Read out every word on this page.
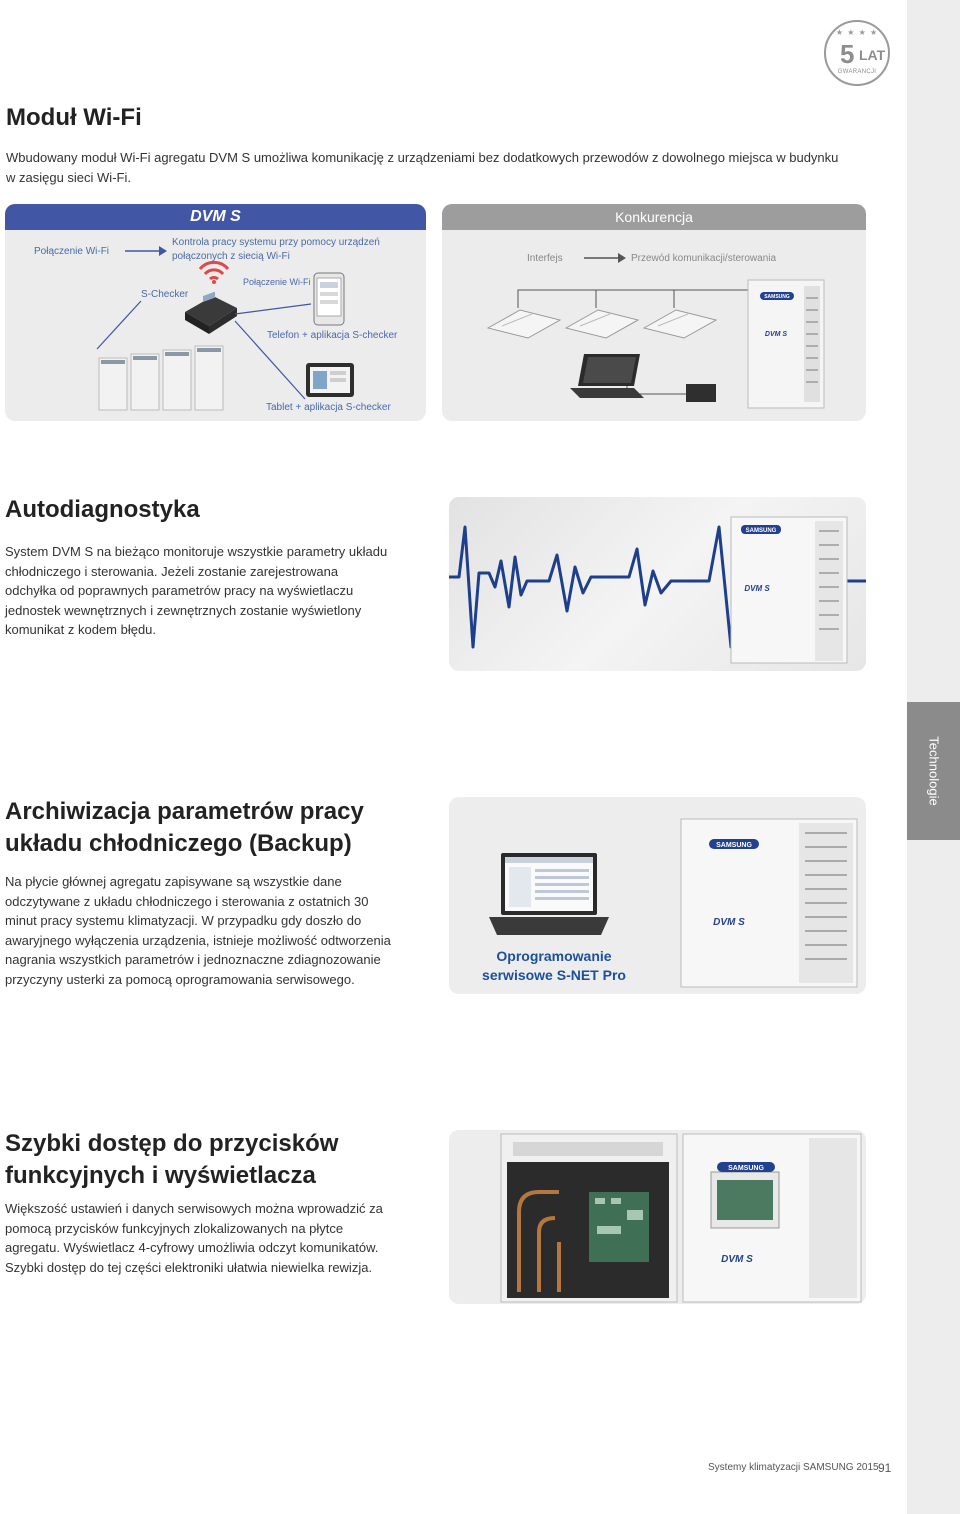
Technologie
★ ★ ★ ★
5 LAT
GWARANCJI
Moduł Wi-Fi
Wbudowany moduł Wi-Fi agregatu DVM S umożliwa komunikację z urządzeniami bez dodatkowych przewodów z dowolnego miejsca w budynku w zasięgu sieci Wi-Fi.
DVM S
Połączenie Wi-Fi
Kontrola pracy systemu przy pomocy urządzeń połączonych z siecią Wi-Fi
S-Checker
Połączenie Wi-Fi
Telefon + aplikacja S-checker
Tablet + aplikacja S-checker
Konkurencja
Interfejs	Przewód komunikacji/sterowania
SAMSUNG
DVM S
Autodiagnostyka
System DVM S na bieżąco monitoruje wszystkie parametry układu chłodniczego i sterowania. Jeżeli zostanie zarejestrowana odchyłka od poprawnych parametrów pracy na wyświetlaczu jednostek wewnętrznych i zewnętrznych zostanie wyświetlony komunikat z kodem błędu.
SAMSUNG
DVM S
Archiwizacja parametrów pracy
układu chłodniczego (Backup)
Na płycie głównej agregatu zapisywane są wszystkie dane odczytywane z układu chłodniczego i sterowania z ostatnich 30 minut pracy systemu klimatyzacji. W przypadku gdy doszło do awaryjnego wyłączenia urządzenia, istnieje możliwość odtworzenia nagrania wszystkich parametrów i jednoznaczne zdiagnozowanie przyczyny usterki za pomocą oprogramowania serwisowego.
Oprogramowanie
serwisowe S-NET Pro
SAMSUNG
DVM S
Szybki dostęp do przycisków
funkcyjnych i wyświetlacza
Większość ustawień i danych serwisowych można wprowadzić za pomocą przycisków funkcyjnych zlokalizowanych na płytce agregatu. Wyświetlacz 4-cyfrowy umożliwia odczyt komunikatów. Szybki dostęp do tej części elektroniki ułatwia niewielka rewizja.
SAMSUNG
DVM S
Systemy klimatyzacji SAMSUNG 2015 91
